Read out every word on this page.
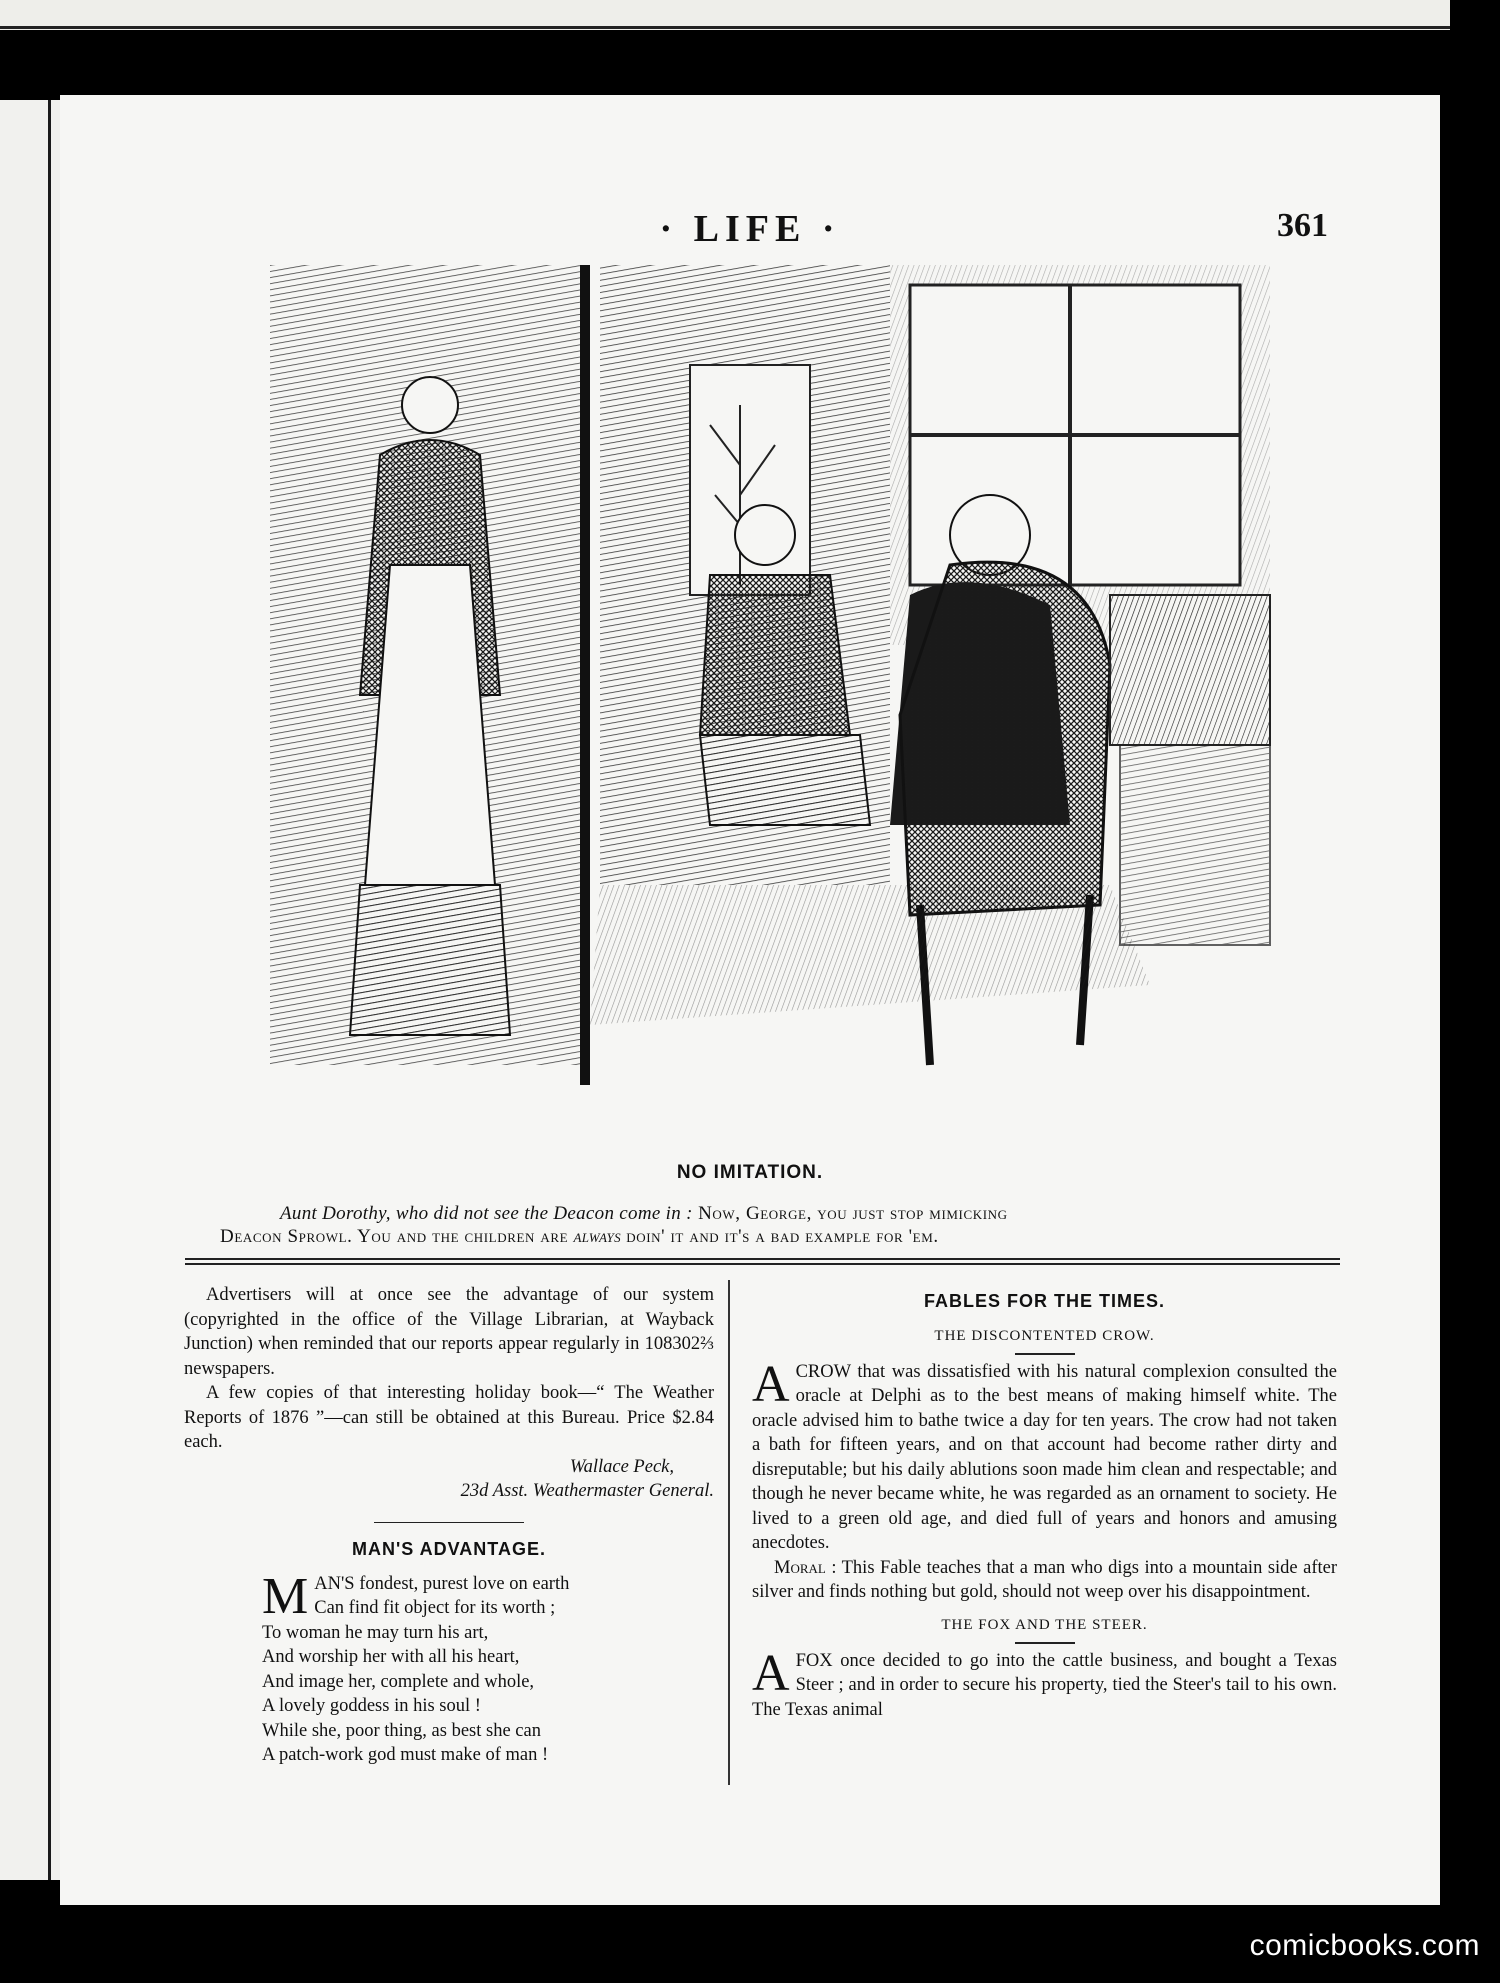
· LIFE ·	361
NO IMITATION.
Aunt Dorothy, who did not see the Deacon come in : Now, George, you just stop mimicking
Deacon Sprowl. You and the children are always doin' it and it's a bad example for 'em.

Advertisers will at once see the advantage of our system (copyrighted in the office of the Village Librarian, at Wayback Junction) when reminded that our reports appear regularly in 108302⅔ newspapers.

A few copies of that interesting holiday book—“ The Weather Reports of 1876 ”—can still be obtained at this Bureau. Price $2.84 each.

Wallace Peck,

23d Asst. Weathermaster General.

MAN'S ADVANTAGE.
M AN'S fondest, purest love on earth
Can find fit object for its worth ;
To woman he may turn his art,
And worship her with all his heart,
And image her, complete and whole,
A lovely goddess in his soul !
While she, poor thing, as best she can
A patch-work god must make of man !
FABLES FOR THE TIMES.
THE DISCONTENTED CROW.

ACROW that was dissatisfied with his natural complexion consulted the oracle at Delphi as to the best means of making himself white. The oracle advised him to bathe twice a day for ten years. The crow had not taken a bath for fifteen years, and on that account had become rather dirty and disreputable; but his daily ablutions soon made him clean and respectable; and though he never became white, he was regarded as an ornament to society. He lived to a green old age, and died full of years and honors and amusing anecdotes.

Moral : This Fable teaches that a man who digs into a mountain side after silver and finds nothing but gold, should not weep over his disappointment.

THE FOX AND THE STEER.

AFOX once decided to go into the cattle business, and bought a Texas Steer ; and in order to secure his property, tied the Steer's tail to his own. The Texas animal

comicbooks.com
